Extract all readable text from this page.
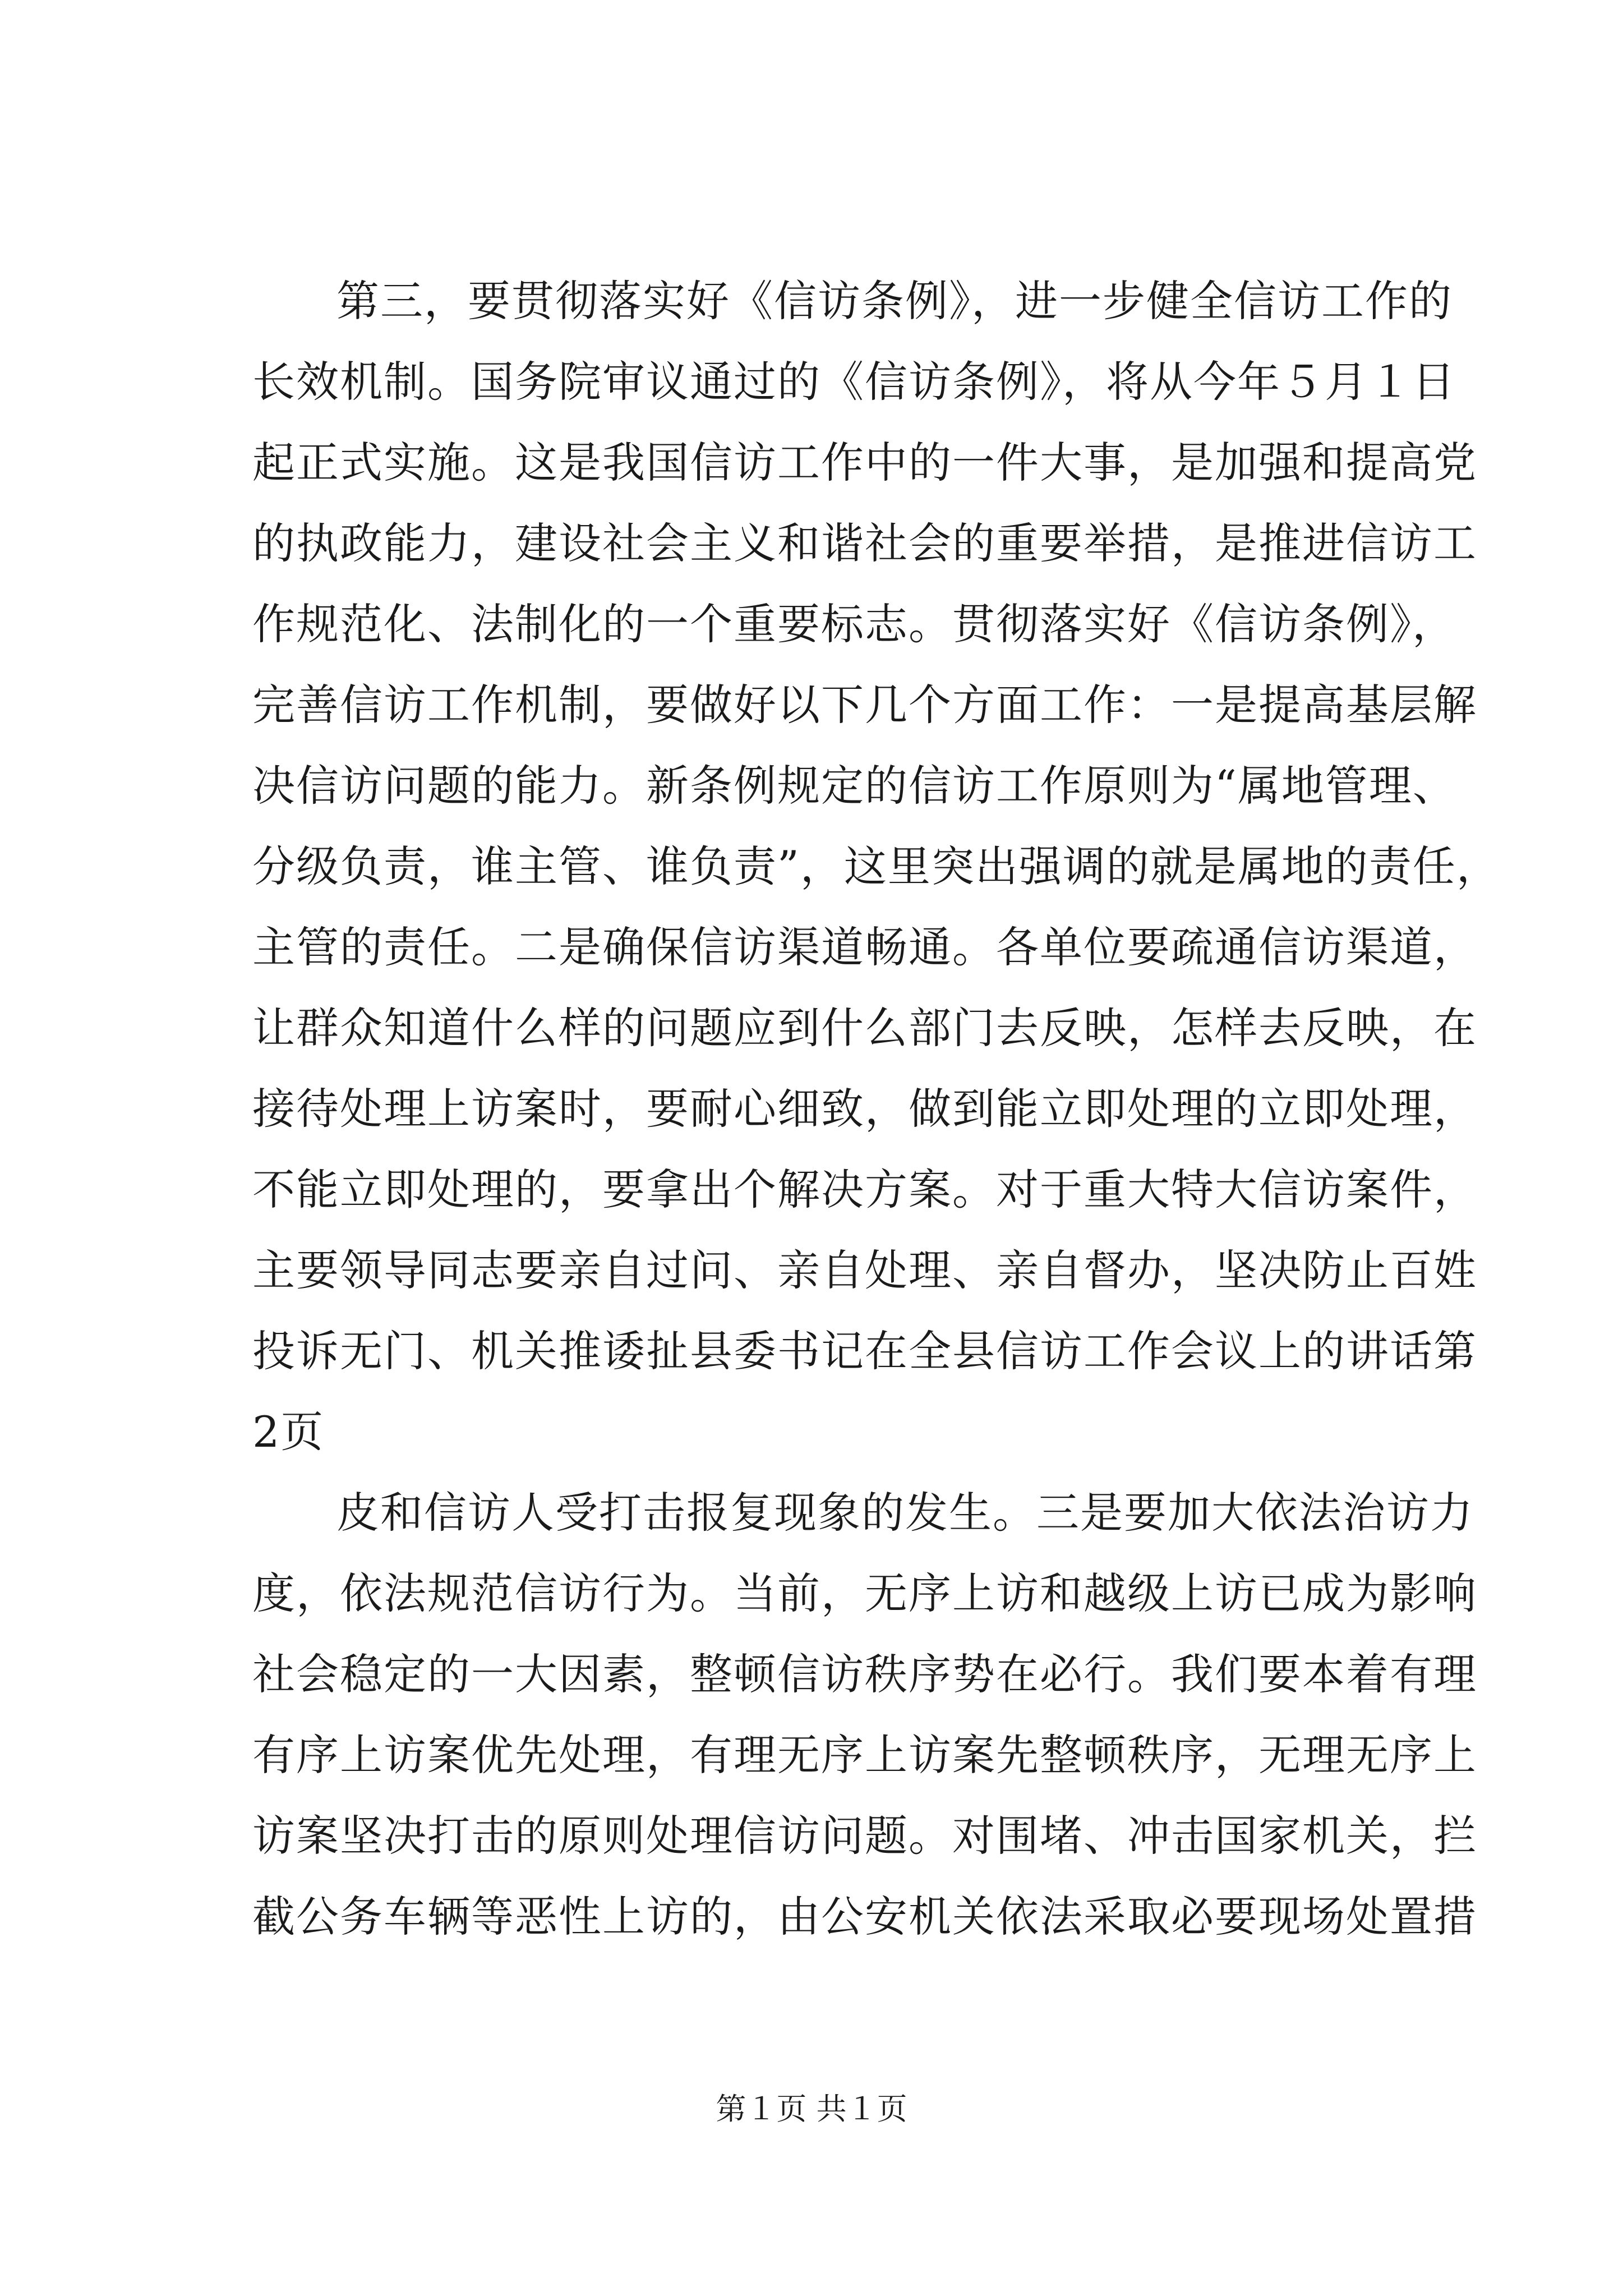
第三，要贯彻落实好《信访条例》，进一步健全信访工作的
长效机制。国务院审议通过的《信访条例》，将从今年５月１日
起正式实施。这是我国信访工作中的一件大事，是加强和提高党
的执政能力，建设社会主义和谐社会的重要举措，是推进信访工
作规范化、法制化的一个重要标志。贯彻落实好《信访条例》，
完善信访工作机制，要做好以下几个方面工作：一是提高基层解
决信访问题的能力。新条例规定的信访工作原则为“属地管理、
分级负责，谁主管、谁负责”，这里突出强调的就是属地的责任，
主管的责任。二是确保信访渠道畅通。各单位要疏通信访渠道，
让群众知道什么样的问题应到什么部门去反映，怎样去反映，在
接待处理上访案时，要耐心细致，做到能立即处理的立即处理，
不能立即处理的，要拿出个解决方案。对于重大特大信访案件，
主要领导同志要亲自过问、亲自处理、亲自督办，坚决防止百姓
投诉无门、机关推诿扯县委书记在全县信访工作会议上的讲话第
2页
皮和信访人受打击报复现象的发生。三是要加大依法治访力
度，依法规范信访行为。当前，无序上访和越级上访已成为影响
社会稳定的一大因素，整顿信访秩序势在必行。我们要本着有理
有序上访案优先处理，有理无序上访案先整顿秩序，无理无序上
访案坚决打击的原则处理信访问题。对围堵、冲击国家机关，拦
截公务车辆等恶性上访的，由公安机关依法采取必要现场处置措
第１页 共１页
